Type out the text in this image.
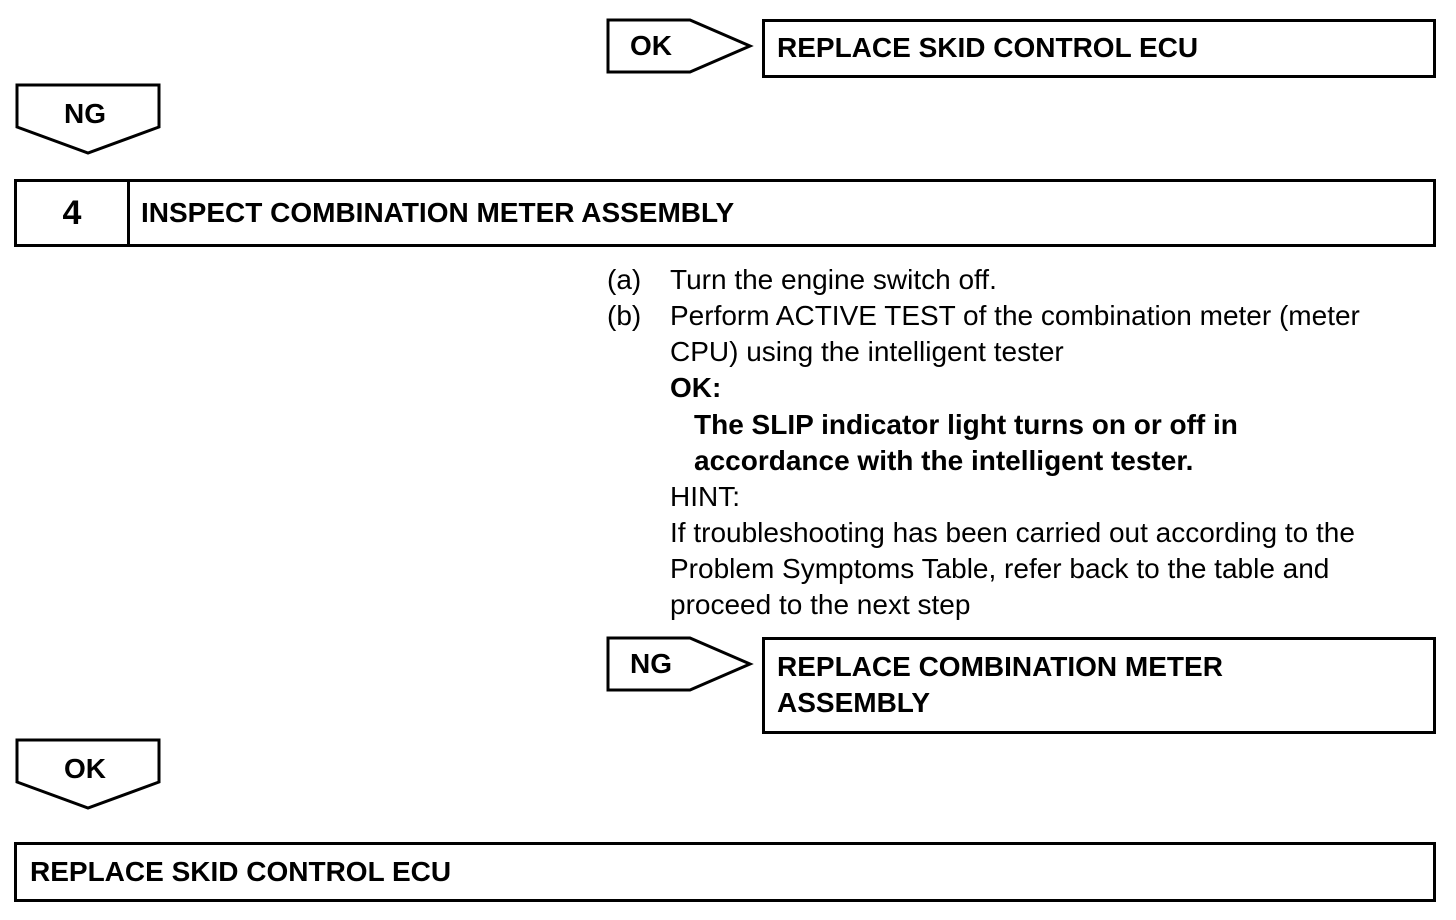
OK	REPLACE SKID CONTROL ECU
NG
4	INSPECT COMBINATION METER ASSEMBLY
(a) Turn the engine switch off.
(b) Perform ACTIVE TEST of the combination meter (meter
CPU) using the intelligent tester
OK:
The SLIP indicator light turns on or off in
accordance with the intelligent tester.
HINT:
If troubleshooting has been carried out according to the
Problem Symptoms Table, refer back to the table and
proceed to the next step
NG	REPLACE COMBINATION METER
ASSEMBLY
OK
REPLACE SKID CONTROL ECU
